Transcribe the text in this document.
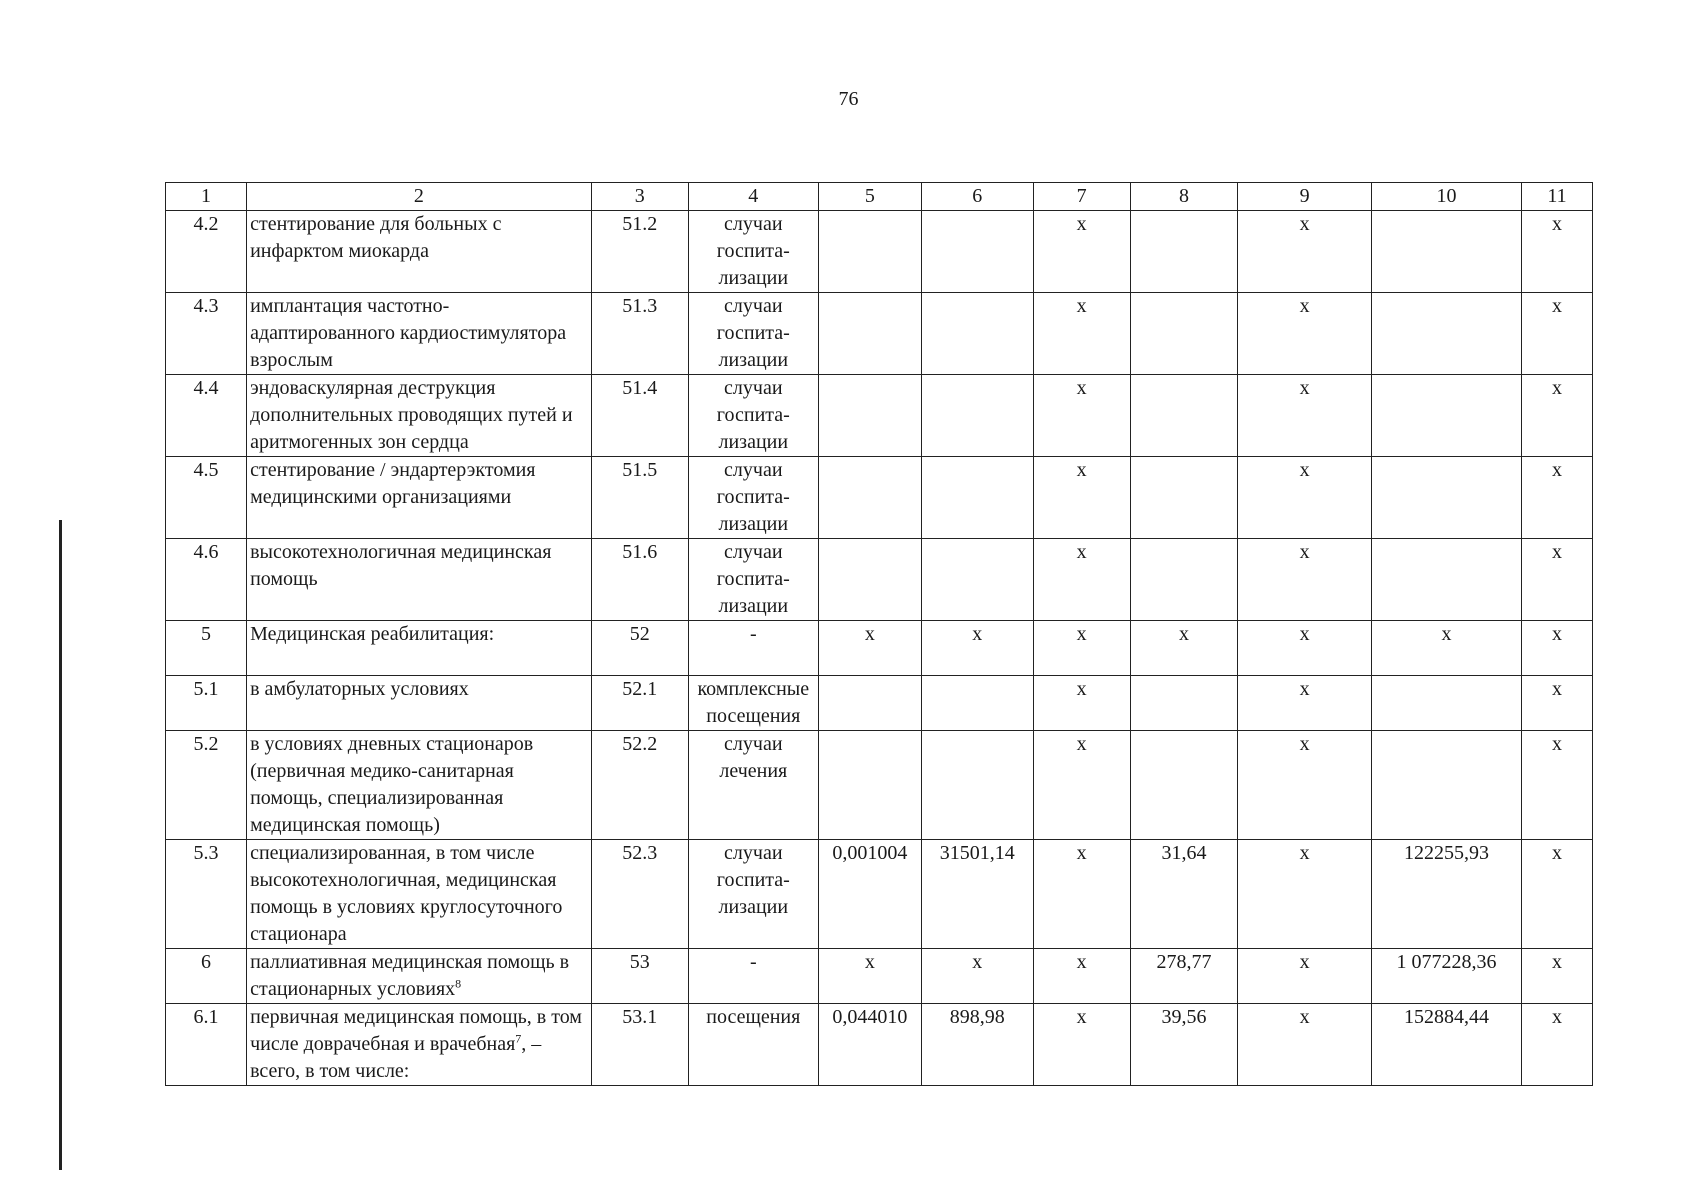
76
1	2	3	4	5	6	7	8	9	10	11
4.2	стентирование для больных с инфарктом миокарда	51.2	случаи госпита- лизации			х		х		х
4.3	имплантация частотно- адаптированного кардиостимулятора взрослым	51.3	случаи госпита- лизации			х		х		х
4.4	эндоваскулярная деструкция дополнительных проводящих путей и аритмогенных зон сердца	51.4	случаи госпита- лизации			х		х		х
4.5	стентирование / эндартерэктомия медицинскими организациями	51.5	случаи госпита- лизации			х		х		х
4.6	высокотехнологичная медицинская помощь	51.6	случаи госпита- лизации			х		х		х
5	Медицинская реабилитация:	52	-	х	х	х	х	х	х	х
5.1	в амбулаторных условиях	52.1	комплексные посещения			х		х		х
5.2	в условиях дневных стационаров (первичная медико-санитарная помощь, специализированная медицинская помощь)	52.2	случаи лечения			х		х		х
5.3	специализированная, в том числе высокотехнологичная, медицинская помощь в условиях круглосуточного стационара	52.3	случаи госпита- лизации	0,001004	31501,14	х	31,64	х	122255,93	х
6	паллиативная медицинская помощь в стационарных условиях$^8$	53	-	х	х	х	278,77	х	1 077228,36	х
6.1	первичная медицинская помощь, в том числе доврачебная и врачебная$^7$, – всего, в том числе:	53.1	посещения	0,044010	898,98	х	39,56	х	152884,44	х
